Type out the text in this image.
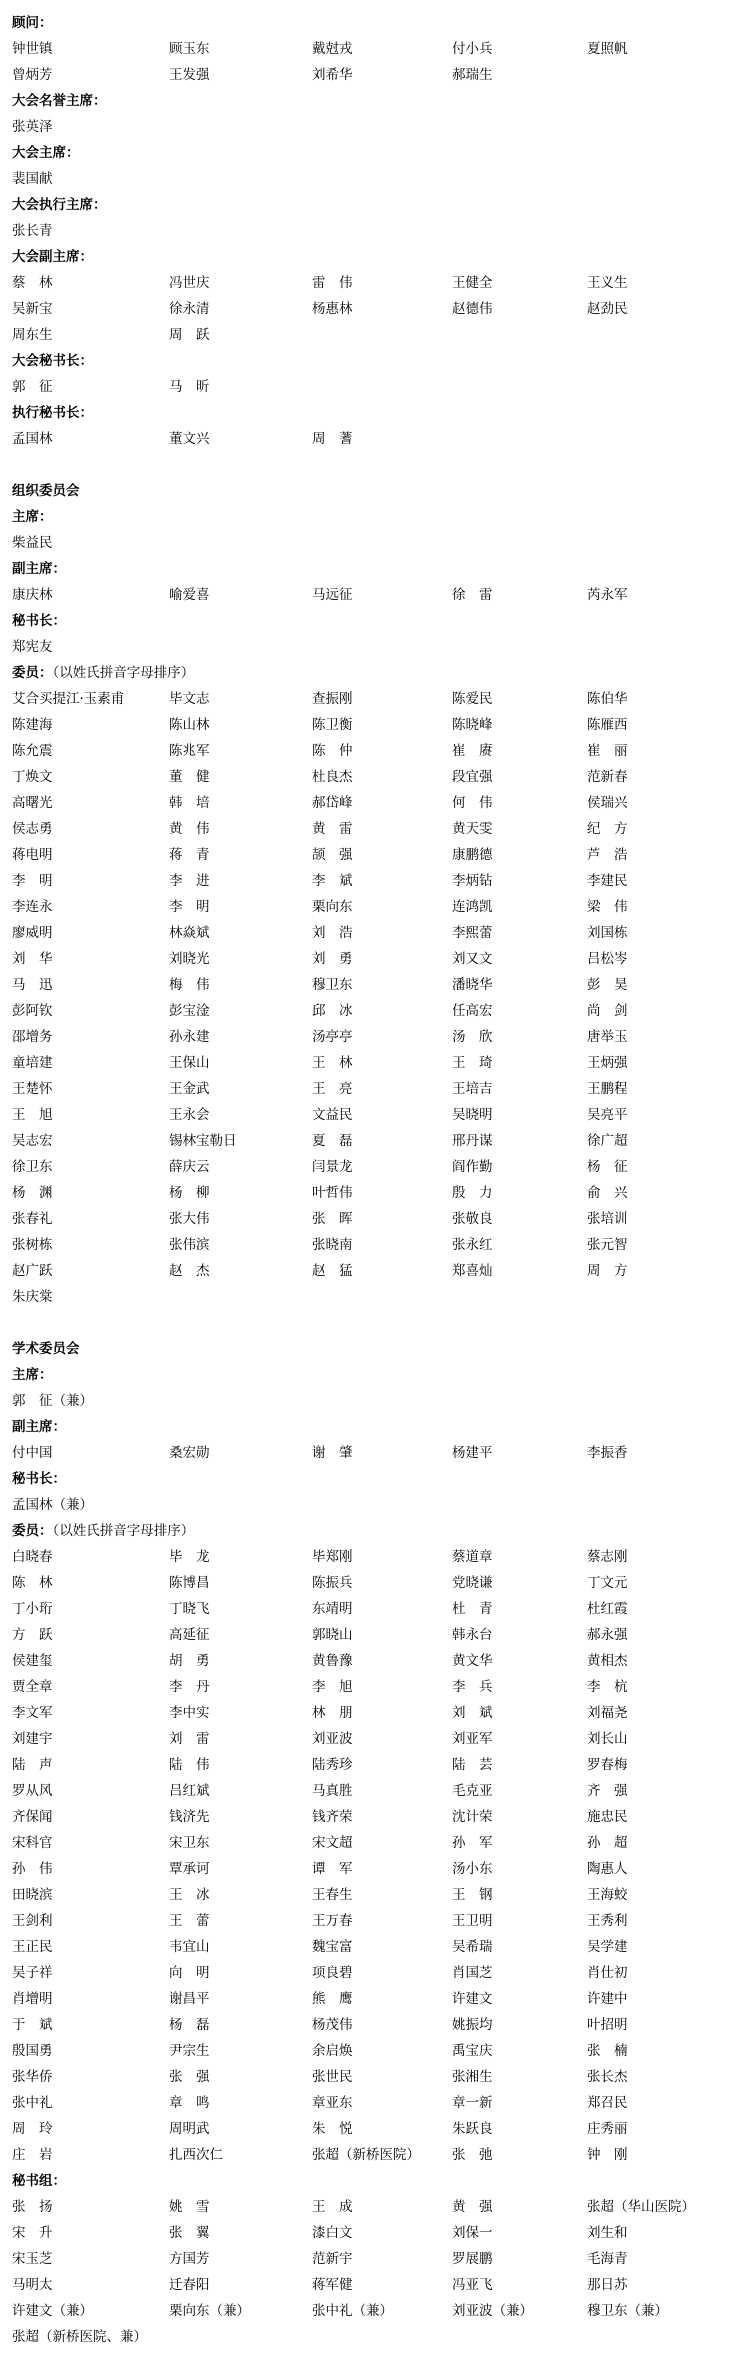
顾问：
钟世镇	顾玉东	戴尅戎	付小兵	夏照帆
曾炳芳	王发强	刘希华	郝瑞生
大会名誉主席：
张英泽
大会主席：
裴国献
大会执行主席：
张长青
大会副主席：
蔡　林	冯世庆	雷　伟	王健全	王义生
吴新宝	徐永清	杨惠林	赵德伟	赵劲民
周东生	周　跃
大会秘书长：
郭　征	马　昕
执行秘书长：
孟国林	董文兴	周　蓍
组织委员会
主席：
柴益民
副主席：
康庆林	喻爱喜	马远征	徐　雷	芮永军
秘书长：
郑宪友
委员：（以姓氏拼音字母排序）
艾合买提江·玉素甫	毕文志	查振刚	陈爱民	陈伯华
陈建海	陈山林	陈卫衡	陈晓峰	陈雁西
陈允震	陈兆军	陈　仲	崔　赓	崔　丽
丁焕文	董　健	杜良杰	段宜强	范新春
高曙光	韩　培	郝岱峰	何　伟	侯瑞兴
侯志勇	黄　伟	黄　雷	黄天雯	纪　方
蒋电明	蒋　青	颉　强	康鹏德	芦　浩
李　明	李　进	李　斌	李炳钻	李建民
李连永	李　明	栗向东	连鸿凯	梁　伟
廖威明	林焱斌	刘　浩	李熙蕾	刘国栋
刘　华	刘晓光	刘　勇	刘又文	吕松岑
马　迅	梅　伟	穆卫东	潘晓华	彭　昊
彭阿钦	彭宝淦	邱　冰	任高宏	尚　剑
邵增务	孙永建	汤亭亭	汤　欣	唐举玉
童培建	王保山	王　林	王　琦	王炳强
王楚怀	王金武	王　亮	王培吉	王鹏程
王　旭	王永会	文益民	吴晓明	吴亮平
吴志宏	锡林宝勒日	夏　磊	邢丹谋	徐广超
徐卫东	薛庆云	闫景龙	阎作勤	杨　征
杨　渊	杨　柳	叶哲伟	殷　力	俞　兴
张春礼	张大伟	张　晖	张敬良	张培训
张树栋	张伟滨	张晓南	张永红	张元智
赵广跃	赵　杰	赵　猛	郑喜灿	周　方
朱庆棠
学术委员会
主席：
郭　征（兼）
副主席：
付中国	桑宏勋	谢　肇	杨建平	李振香
秘书长：
孟国林（兼）
委员：（以姓氏拼音字母排序）
白晓春	毕　龙	毕郑刚	蔡道章	蔡志刚
陈　林	陈博昌	陈振兵	党晓谦	丁文元
丁小珩	丁晓飞	东靖明	杜　青	杜红霞
方　跃	高延征	郭晓山	韩永台	郝永强
侯建玺	胡　勇	黄鲁豫	黄文华	黄相杰
贾全章	李　丹	李　旭	李　兵	李　杭
李文军	李中实	林　朋	刘　斌	刘福尧
刘建宇	刘　雷	刘亚波	刘亚军	刘长山
陆　声	陆　伟	陆秀珍	陆　芸	罗春梅
罗从风	吕红斌	马真胜	毛克亚	齐　强
齐保闻	钱济先	钱齐荣	沈计荣	施忠民
宋科官	宋卫东	宋文超	孙　军	孙　超
孙　伟	覃承诃	谭　军	汤小东	陶惠人
田晓滨	王　冰	王春生	王　钢	王海蛟
王剑利	王　蕾	王万春	王卫明	王秀利
王正民	韦宜山	魏宝富	吴希瑞	吴学建
吴子祥	向　明	项良碧	肖国芝	肖仕初
肖增明	谢昌平	熊　鹰	许建文	许建中
于　斌	杨　磊	杨茂伟	姚振均	叶招明
殷国勇	尹宗生	余启焕	禹宝庆	张　楠
张华侨	张　强	张世民	张湘生	张长杰
张中礼	章　鸣	章亚东	章一新	郑召民
周　玲	周明武	朱　悦	朱跃良	庄秀丽
庄　岩	扎西次仁	张超（新桥医院） 张　弛	钟　刚
秘书组：
张　扬	姚　雪	王　成	黄　强	张超（华山医院）
宋　升	张　翼	漆白文	刘保一	刘生和
宋玉芝	方国芳	范新宇	罗展鹏	毛海青
马明太	迁春阳	蒋军健	冯亚飞	那日苏
许建文（兼）	栗向东（兼）	张中礼（兼）	刘亚波（兼）	穆卫东（兼）
张超（新桥医院、兼）
